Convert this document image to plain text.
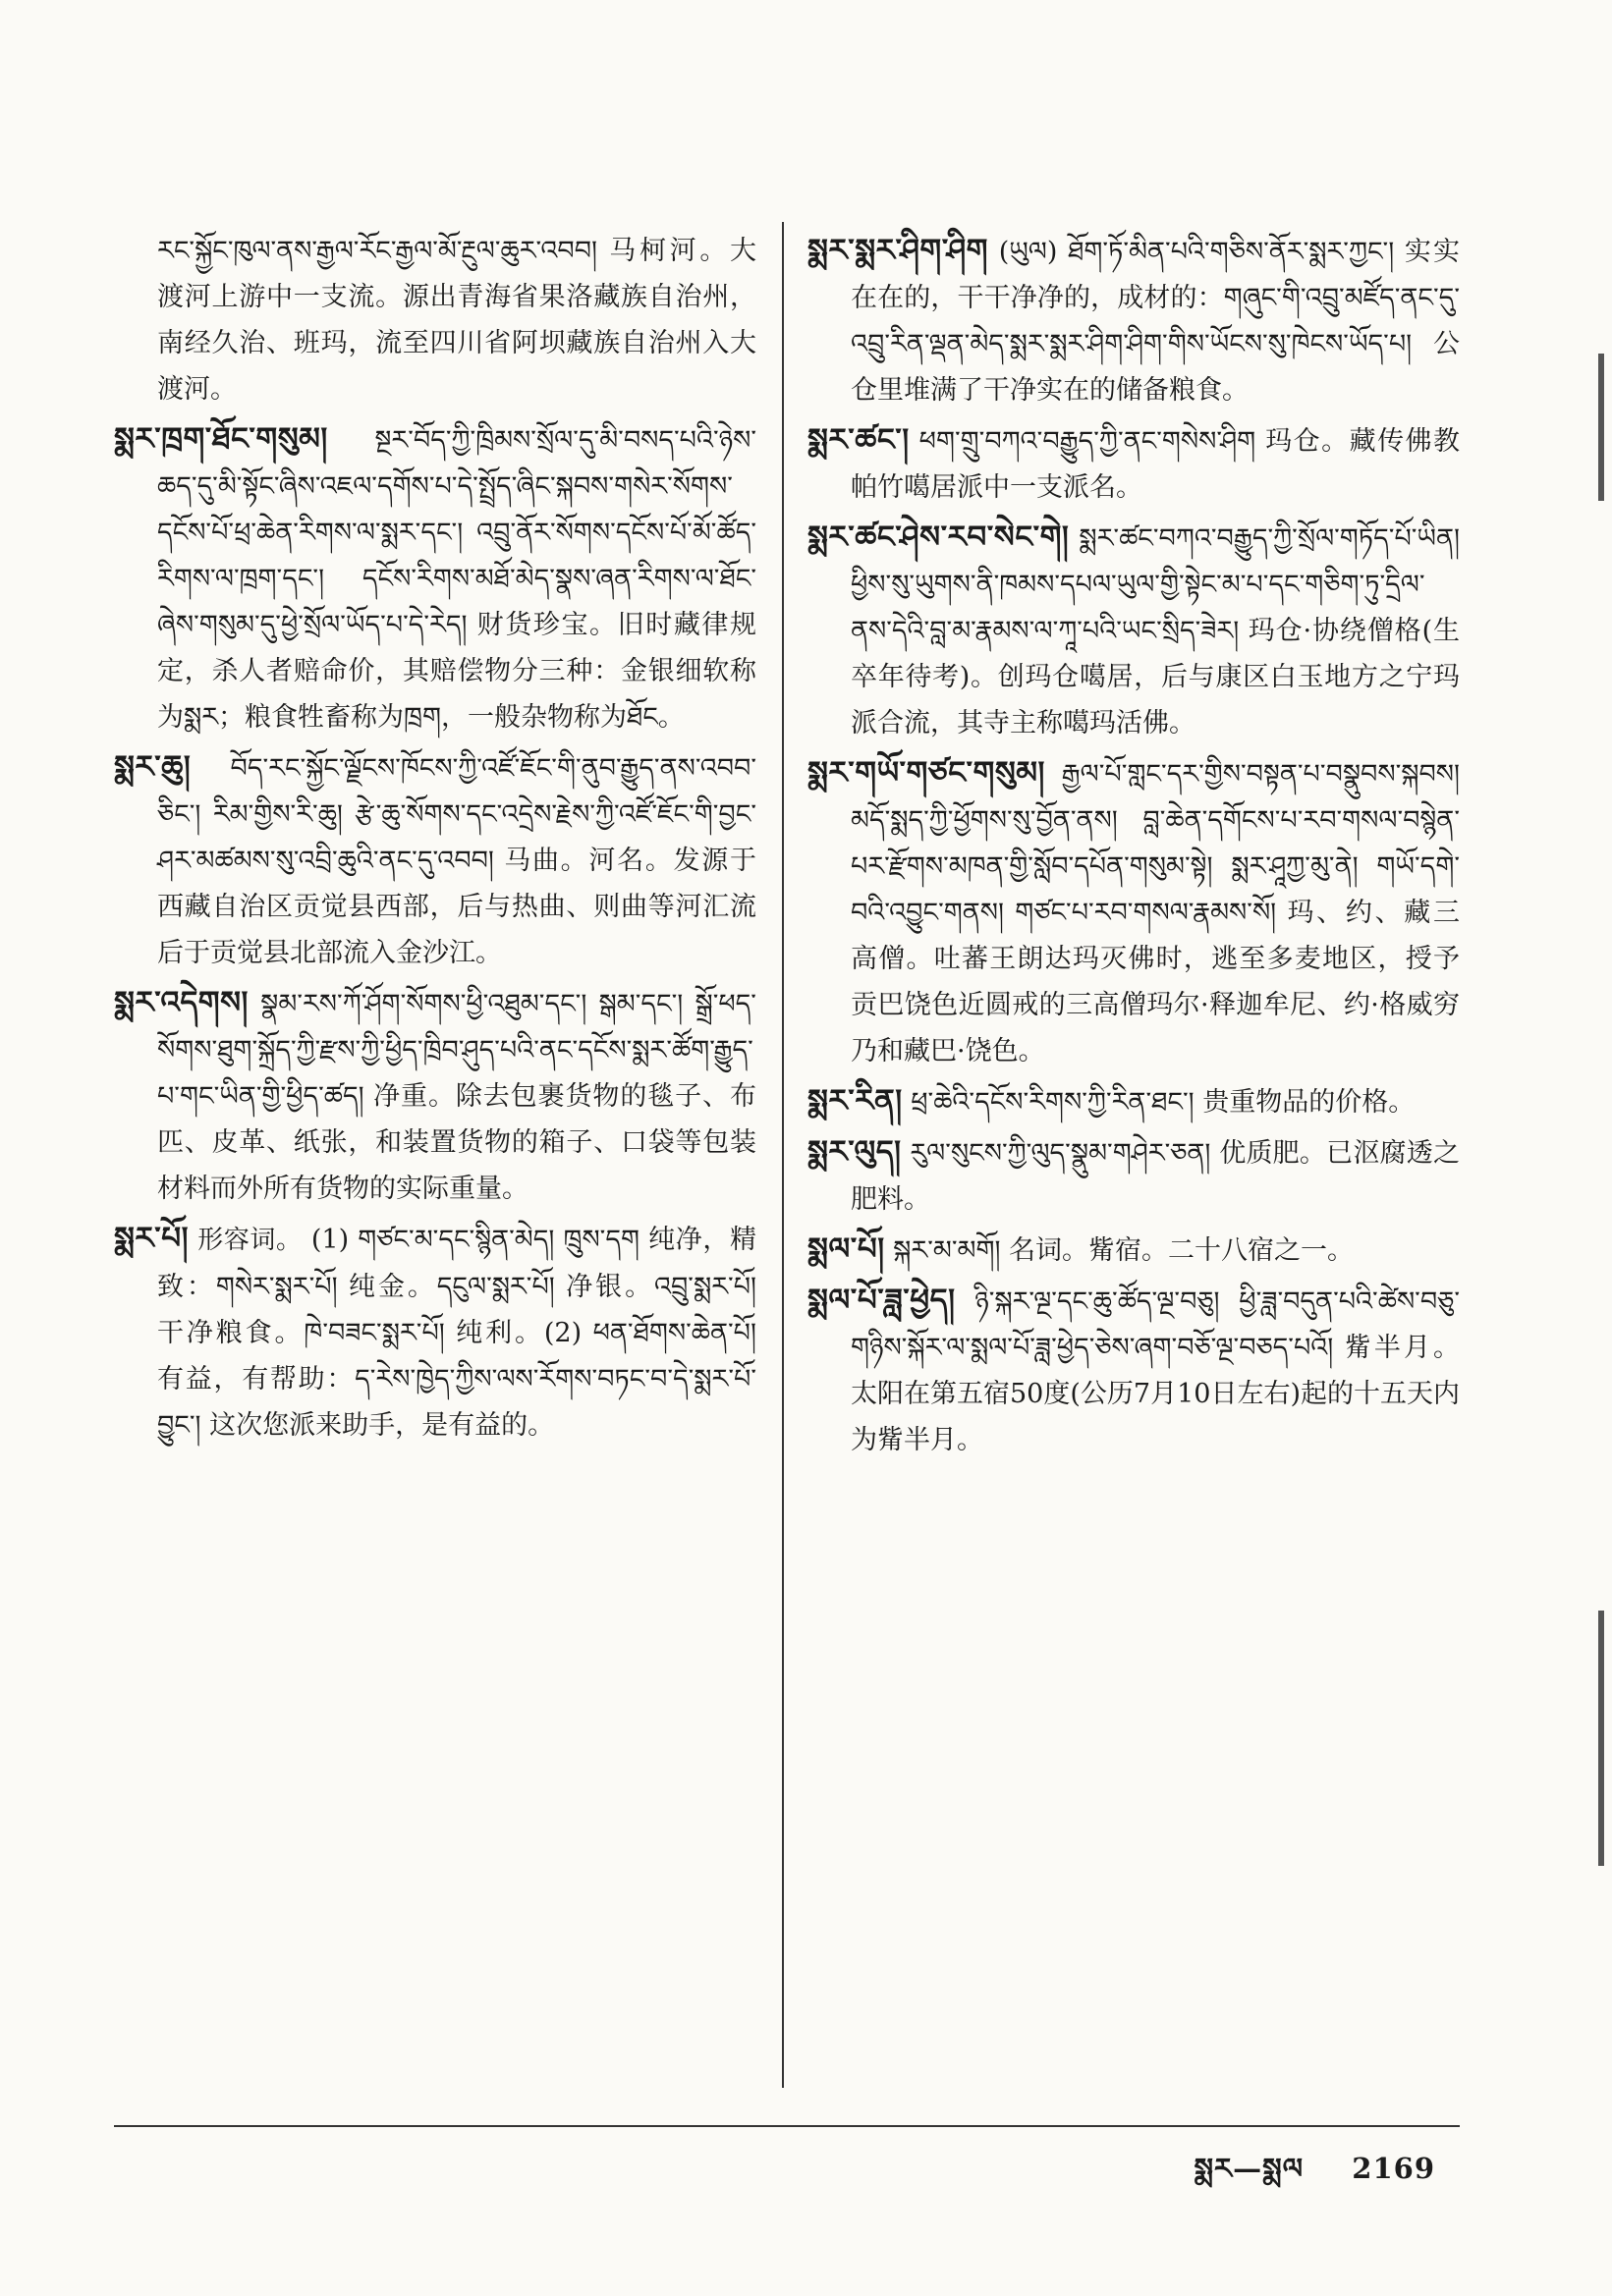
རང་སྐྱོང་ཁུལ་ནས་རྒྱལ་རོང་རྒྱལ་མོ་རྔུལ་ཆུར་འབབ། 马柯河。大渡河上游中一支流。源出青海省果洛藏族自治州，南经久治、班玛，流至四川省阿坝藏族自治州入大渡河。

སྨར་ཁྲག་ཐོང་གསུམ། སྔར་བོད་ཀྱི་ཁྲིམས་སྲོལ་དུ་མི་བསད་པའི་ཉེས་ཆད་དུ་མི་སྟོང་ཞིས་འཇལ་དགོས་པ་དེ་སྤྲོད་ཞིང་སྐབས་གསེར་སོགས་དངོས་པོ་ཕྲ་ཆེན་རིགས་ལ་སྨར་དང་། འབྲུ་ནོར་སོགས་དངོས་པོ་མོ་ཚོད་རིགས་ལ་ཁྲག་དང་། དངོས་རིགས་མཐོ་མེད་སྣས་ཞན་རིགས་ལ་ཐོང་ཞེས་གསུམ་དུ་ཕྱེ་སྲོལ་ཡོད་པ་དེ་རེད། 财货珍宝。旧时藏律规定，杀人者赔命价，其赔偿物分三种：金银细软称为སྨར；粮食牲畜称为ཁྲག，一般杂物称为ཐོང。

སྨར་ཆུ། བོད་རང་སྐྱོང་ལྗོངས་ཁོངས་ཀྱི་འཛོ་ཇོང་གི་ནུབ་རྒྱུད་ནས་འབབ་ཅིང་། རིམ་གྱིས་རི་ཆུ། རྩེ་ཆུ་སོགས་དང་འདྲེས་རྗེས་ཀྱི་འཛོ་ཇོང་གི་བྱང་ཤར་མཚམས་སུ་འབྲི་ཆུའི་ནང་དུ་འབབ། 马曲。河名。发源于西藏自治区贡觉县西部，后与热曲、则曲等河汇流后于贡觉县北部流入金沙江。

སྨར་འདེགས། སྣམ་རས་ཀོ་ཤོག་སོགས་ཕྱི་འཐུམ་དང་། སྒམ་དང་། སྒྲོ་ཕད་སོགས་ཐུག་སྐྲོད་ཀྱི་རྫས་ཀྱི་ཕྱིད་ཁྲིབ་ཤུད་པའི་ནང་དངོས་སྨར་ཚོག་རྒྱུད་པ་གང་ཡིན་གྱི་ཕྱིད་ཚད། 净重。除去包裹货物的毯子、布匹、皮革、纸张，和装置货物的箱子、口袋等包装材料而外所有货物的实际重量。

སྨར་པོ། 形容词。 (1) གཙང་མ་དང་སྙིན་མེད། ཁྲུས་དག 纯净，精致：གསེར་སྨར་པོ། 纯金。དངུལ་སྨར་པོ། 净银。འབྲུ་སྨར་པོ། 干净粮食。ཁེ་བཟང་སྨར་པོ། 纯利。(2) ཕན་ཐོགས་ཆེན་པོ། 有益，有帮助：ད་རེས་ཁྱེད་ཀྱིས་ལས་རོགས་བཏང་བ་དེ་སྨར་པོ་བྱུང་། 这次您派来助手，是有益的。

སྨར་སྨར་ཤིག་ཤིག (ཡུལ) ཐོག་ཏོ་མིན་པའི་གཅིས་ནོར་སྨར་ཀྱང་། 实实在在的，干干净净的，成材的：གཞུང་གི་འབྲུ་མཛོད་ནང་དུ་འབྲུ་རིན་ལྡན་མེད་སྨར་སྨར་ཤིག་ཤིག་གིས་ཡོངས་སུ་ཁེངས་ཡོད་པ། 公仓里堆满了干净实在的储备粮食。

སྨར་ཚང་། ཕག་གྲུ་བཀའ་བརྒྱུད་ཀྱི་ནང་གསེས་ཤིག 玛仓。藏传佛教帕竹噶居派中一支派名。

སྨར་ཚང་ཤེས་རབ་སེང་གེ། སྨར་ཚང་བཀའ་བརྒྱུད་ཀྱི་སྲོལ་གཏོད་པོ་ཡིན། ཕྱིས་སུ་ཡུགས་ནི་ཁམས་དཔལ་ཡུལ་གྱི་སྟེང་མ་པ་དང་གཅིག་ཏུ་དྲིལ་ནས་དེའི་བླ་མ་རྣམས་ལ་ཀཱ་པའི་ཡང་སྲིད་ཟེར། 玛仓·协绕僧格(生卒年待考)。创玛仓噶居，后与康区白玉地方之宁玛派合流，其寺主称噶玛活佛。

སྨར་གཡོ་གཙང་གསུམ། རྒྱལ་པོ་གླང་དར་གྱིས་བསྟན་པ་བསྣུབས་སྐབས། མདོ་སྨད་ཀྱི་ཕྱོགས་སུ་བྱོན་ནས། བླ་ཆེན་དགོངས་པ་རབ་གསལ་བསྙེན་པར་རྫོགས་མཁན་གྱི་སློབ་དཔོན་གསུམ་སྟེ། སྨར་ཤཱཀྱ་མུ་ནེ། གཡོ་དགེ་བའི་འབྱུང་གནས། གཙང་པ་རབ་གསལ་རྣམས་སོ། 玛、约、藏三高僧。吐蕃王朗达玛灭佛时，逃至多麦地区，授予贡巴饶色近圆戒的三高僧玛尔·释迦牟尼、约·格威穷乃和藏巴·饶色。

སྨར་རིན། ཕྲ་ཆེའི་དངོས་རིགས་ཀྱི་རིན་ཐང་། 贵重物品的价格。

སྨར་ལུད། རུལ་སུངས་ཀྱི་ལུད་སྣུམ་གཤེར་ཅན། 优质肥。已沤腐透之肥料。

སྨལ་པོ། སྐར་མ་མགོ། 名词。觜宿。二十八宿之一。

སྨལ་པོ་ཟླ་ཕྱེད། ཉི་སྐར་ལྔ་དང་ཆུ་ཚོད་ལྔ་བཅུ། ཕྱི་ཟླ་བདུན་པའི་ཚེས་བཅུ་གཉིས་སྐོར་ལ་སྨལ་པོ་ཟླ་ཕྱེད་ཅེས་ཞག་བཅོ་ལྔ་བཅད་པའོ། 觜半月。太阳在第五宿50度(公历7月10日左右)起的十五天内为觜半月。

སྨར—སྨལ 2169
